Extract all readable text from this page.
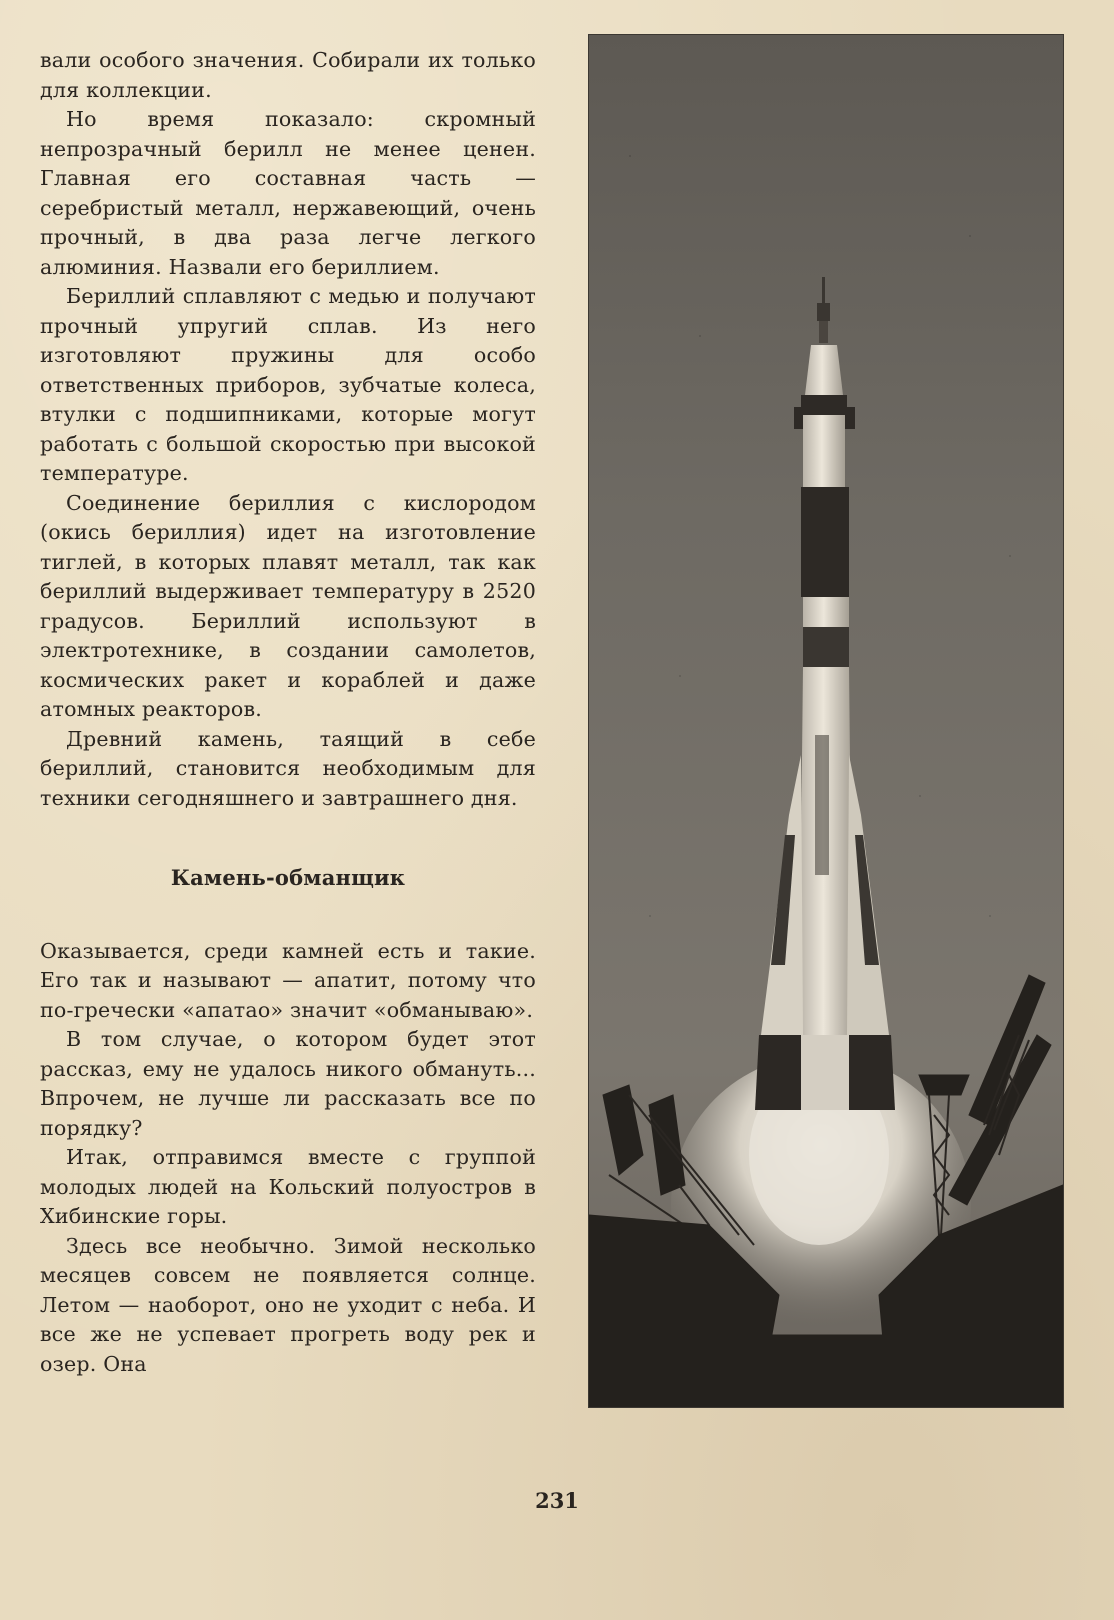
вали особого значения. Собирали их только для коллекции.

Но время показало: скромный непрозрачный берилл не менее ценен. Главная его составная часть — серебристый металл, нержавеющий, очень прочный, в два раза легче легкого алюминия. Назвали его бериллием.

Бериллий сплавляют с медью и получают прочный упругий сплав. Из него изготовляют пружины для особо ответственных приборов, зубчатые колеса, втулки с подшипниками, которые могут работать с большой скоростью при высокой температуре.

Соединение бериллия с кислородом (окись бериллия) идет на изготовление тиглей, в которых плавят металл, так как бериллий выдерживает температуру в 2520 градусов. Бериллий используют в электротехнике, в создании самолетов, космических ракет и кораблей и даже атомных реакторов.

Древний камень, таящий в себе бериллий, становится необходимым для техники сегодняшнего и завтрашнего дня.

Камень-обманщик

Оказывается, среди камней есть и такие. Его так и называют — апатит, потому что по-гречески «апатао» значит «обманываю».

В том случае, о котором будет этот рассказ, ему не удалось никого обмануть... Впрочем, не лучше ли рассказать все по порядку?

Итак, отправимся вместе с группой молодых людей на Кольский полуостров в Хибинские горы.

Здесь все необычно. Зимой несколько месяцев совсем не появляется солнце. Летом — наоборот, оно не уходит с неба. И все же не успевает прогреть воду рек и озер. Она

231
